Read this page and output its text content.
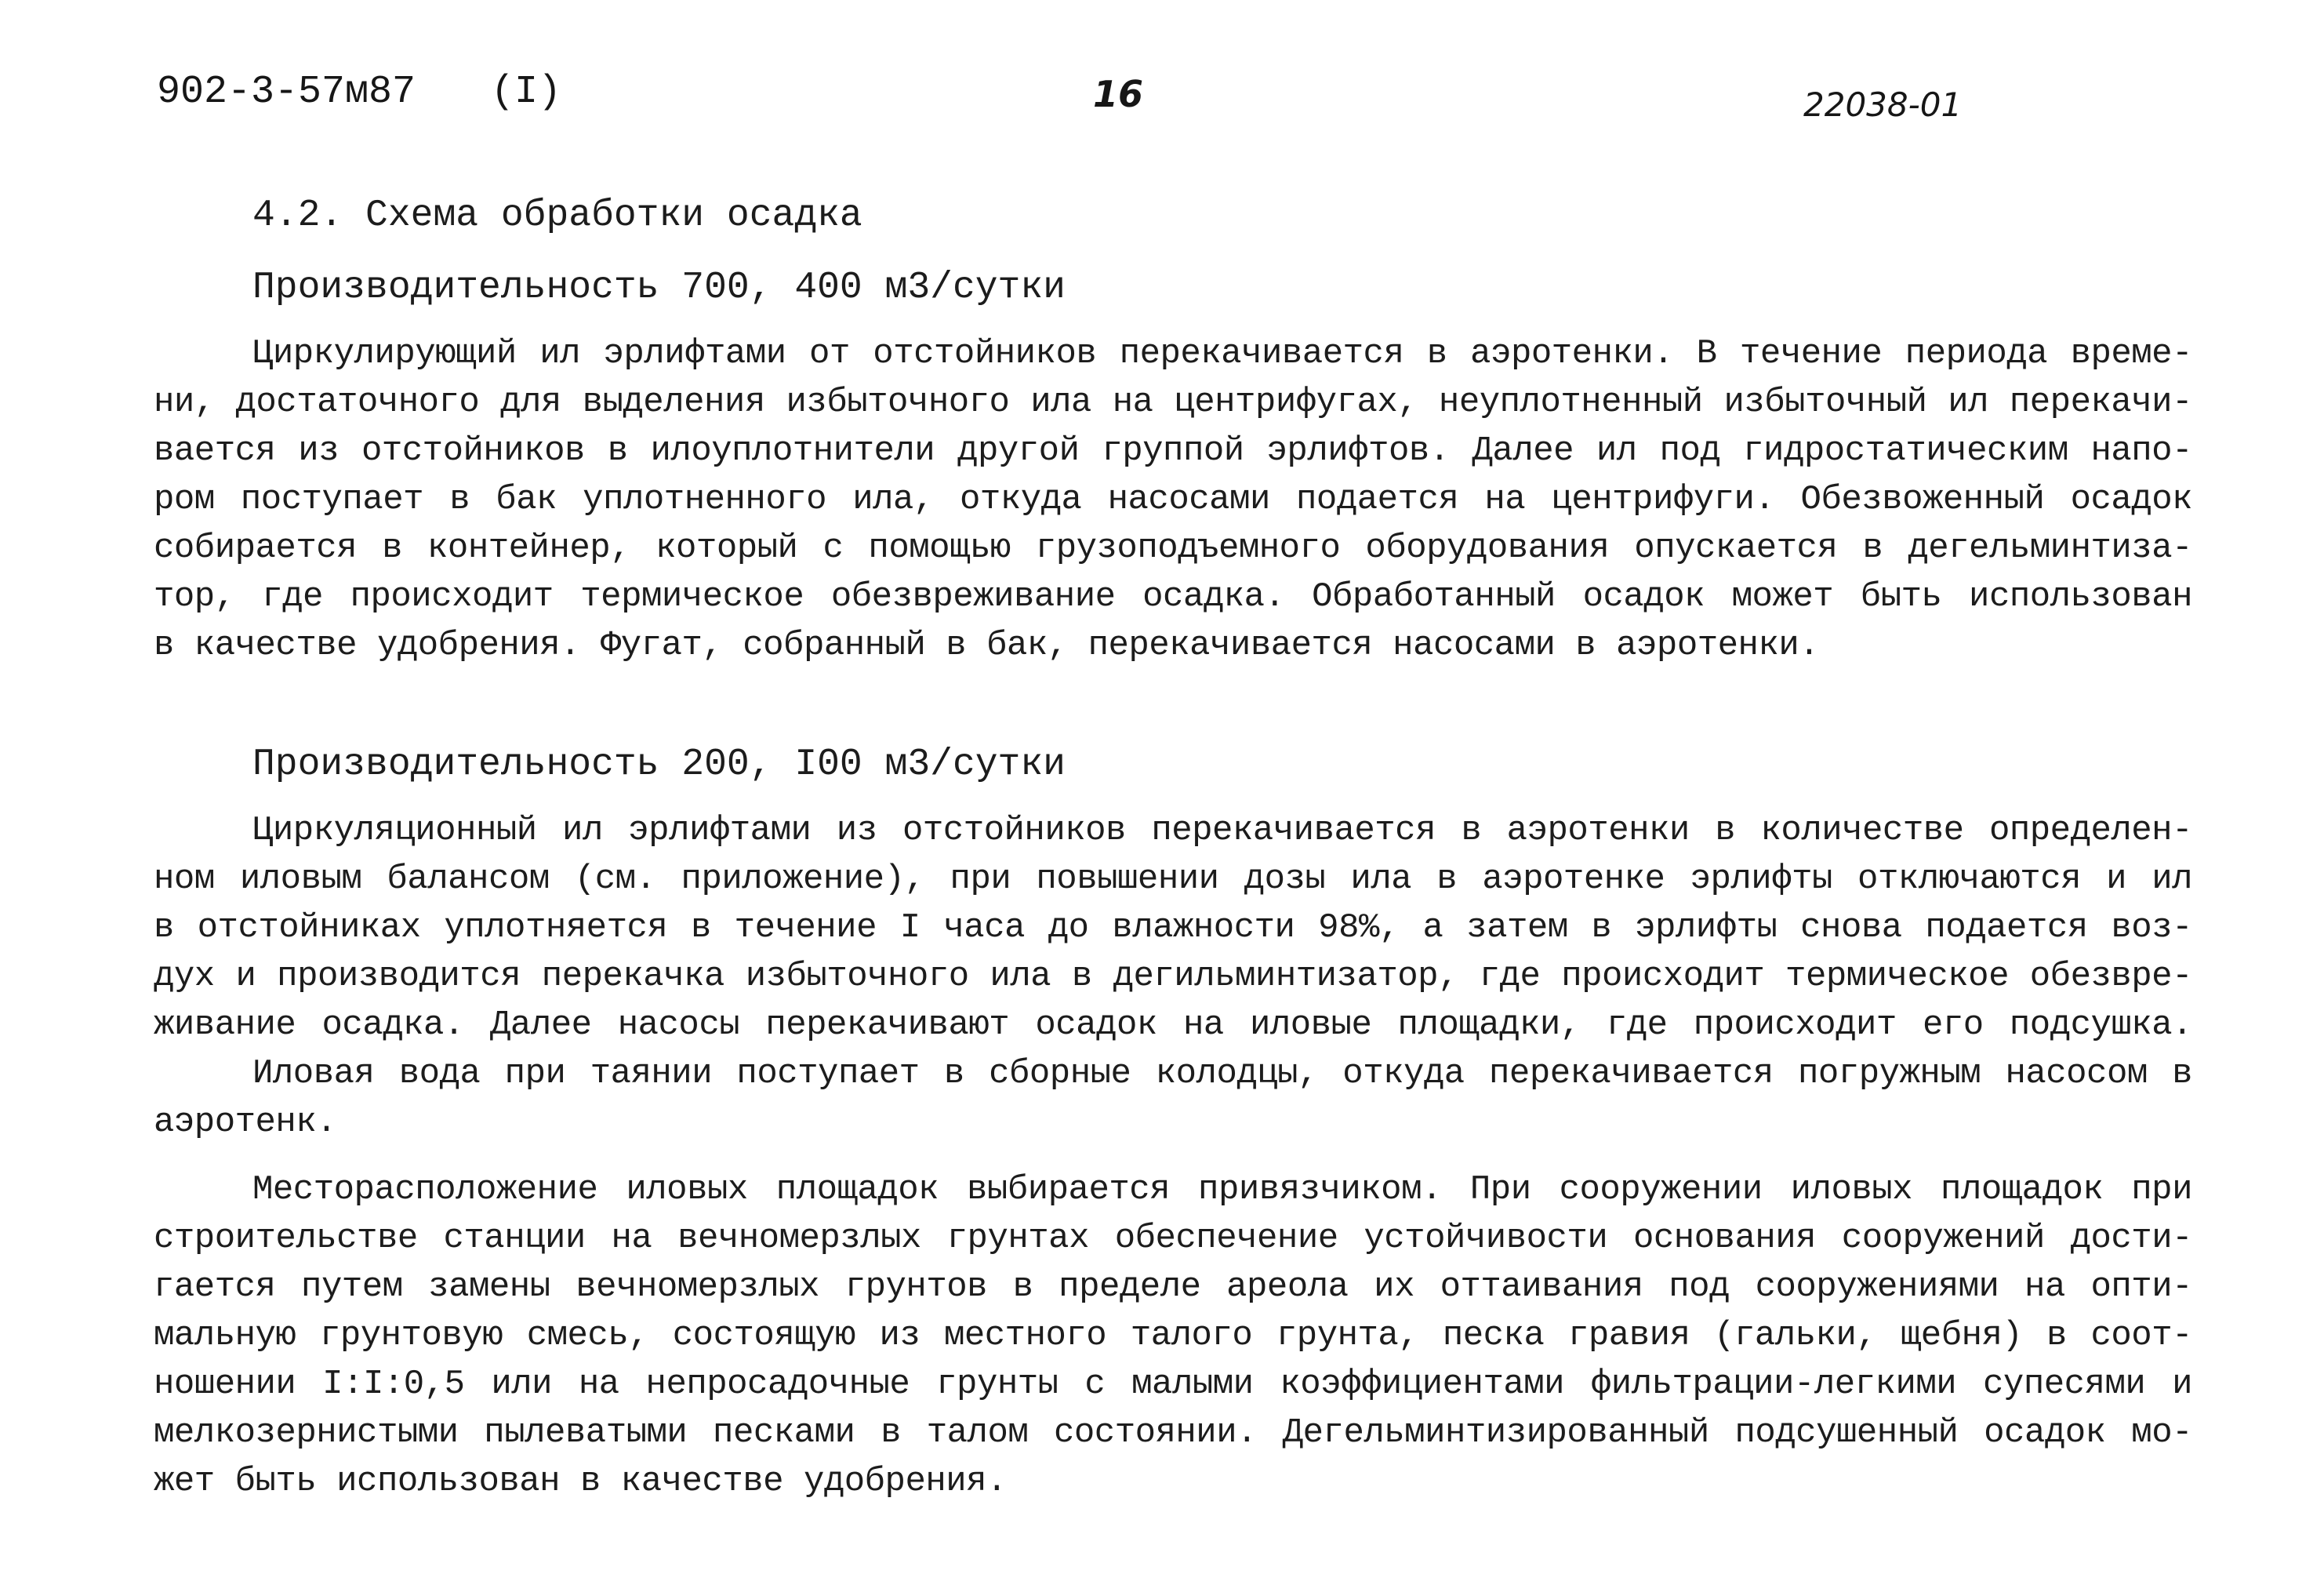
902-3-57м87 (I)	16	22038-01
4.2. Схема обработки осадка
Производительность 700, 400 м3/сутки
Циркулирующий ил эрлифтами от отстойников перекачивается в аэротенки. В течение периода време-
ни, достаточного для выделения избыточного ила на центрифугах, неуплотненный избыточный ил перекачи-
вается из отстойников в илоуплотнители другой группой эрлифтов. Далее ил под гидростатическим напо-
ром поступает в бак уплотненного ила, откуда насосами подается на центрифуги. Обезвоженный осадок
собирается в контейнер, который с помощью грузоподъемного оборудования опускается в дегельминтиза-
тор, где происходит термическое обезвреживание осадка. Обработанный осадок может быть использован
в качестве удобрения. Фугат, собранный в бак, перекачивается насосами в аэротенки.
Производительность 200, I00 м3/сутки
Циркуляционный ил эрлифтами из отстойников перекачивается в аэротенки в количестве определен-
ном иловым балансом (см. приложение), при повышении дозы ила в аэротенке эрлифты отключаются и ил
в отстойниках уплотняется в течение I часа до влажности 98%, а затем в эрлифты снова подается воз-
дух и производится перекачка избыточного ила в дегильминтизатор, где происходит термическое обезвре-
живание осадка. Далее насосы перекачивают осадок на иловые площадки, где происходит его подсушка.
Иловая вода при таянии поступает в сборные колодцы, откуда перекачивается погружным насосом в
аэротенк.
Месторасположение иловых площадок выбирается привязчиком. При сооружении иловых площадок при
строительстве станции на вечномерзлых грунтах обеспечение устойчивости основания сооружений дости-
гается путем замены вечномерзлых грунтов в пределе ареола их оттаивания под сооружениями на опти-
мальную грунтовую смесь, состоящую из местного талого грунта, песка гравия (гальки, щебня) в соот-
ношении I:I:0,5 или на непросадочные грунты с малыми коэффициентами фильтрации-легкими супесями и
мелкозернистыми пылеватыми песками в талом состоянии. Дегельминтизированный подсушенный осадок мо-
жет быть использован в качестве удобрения.
